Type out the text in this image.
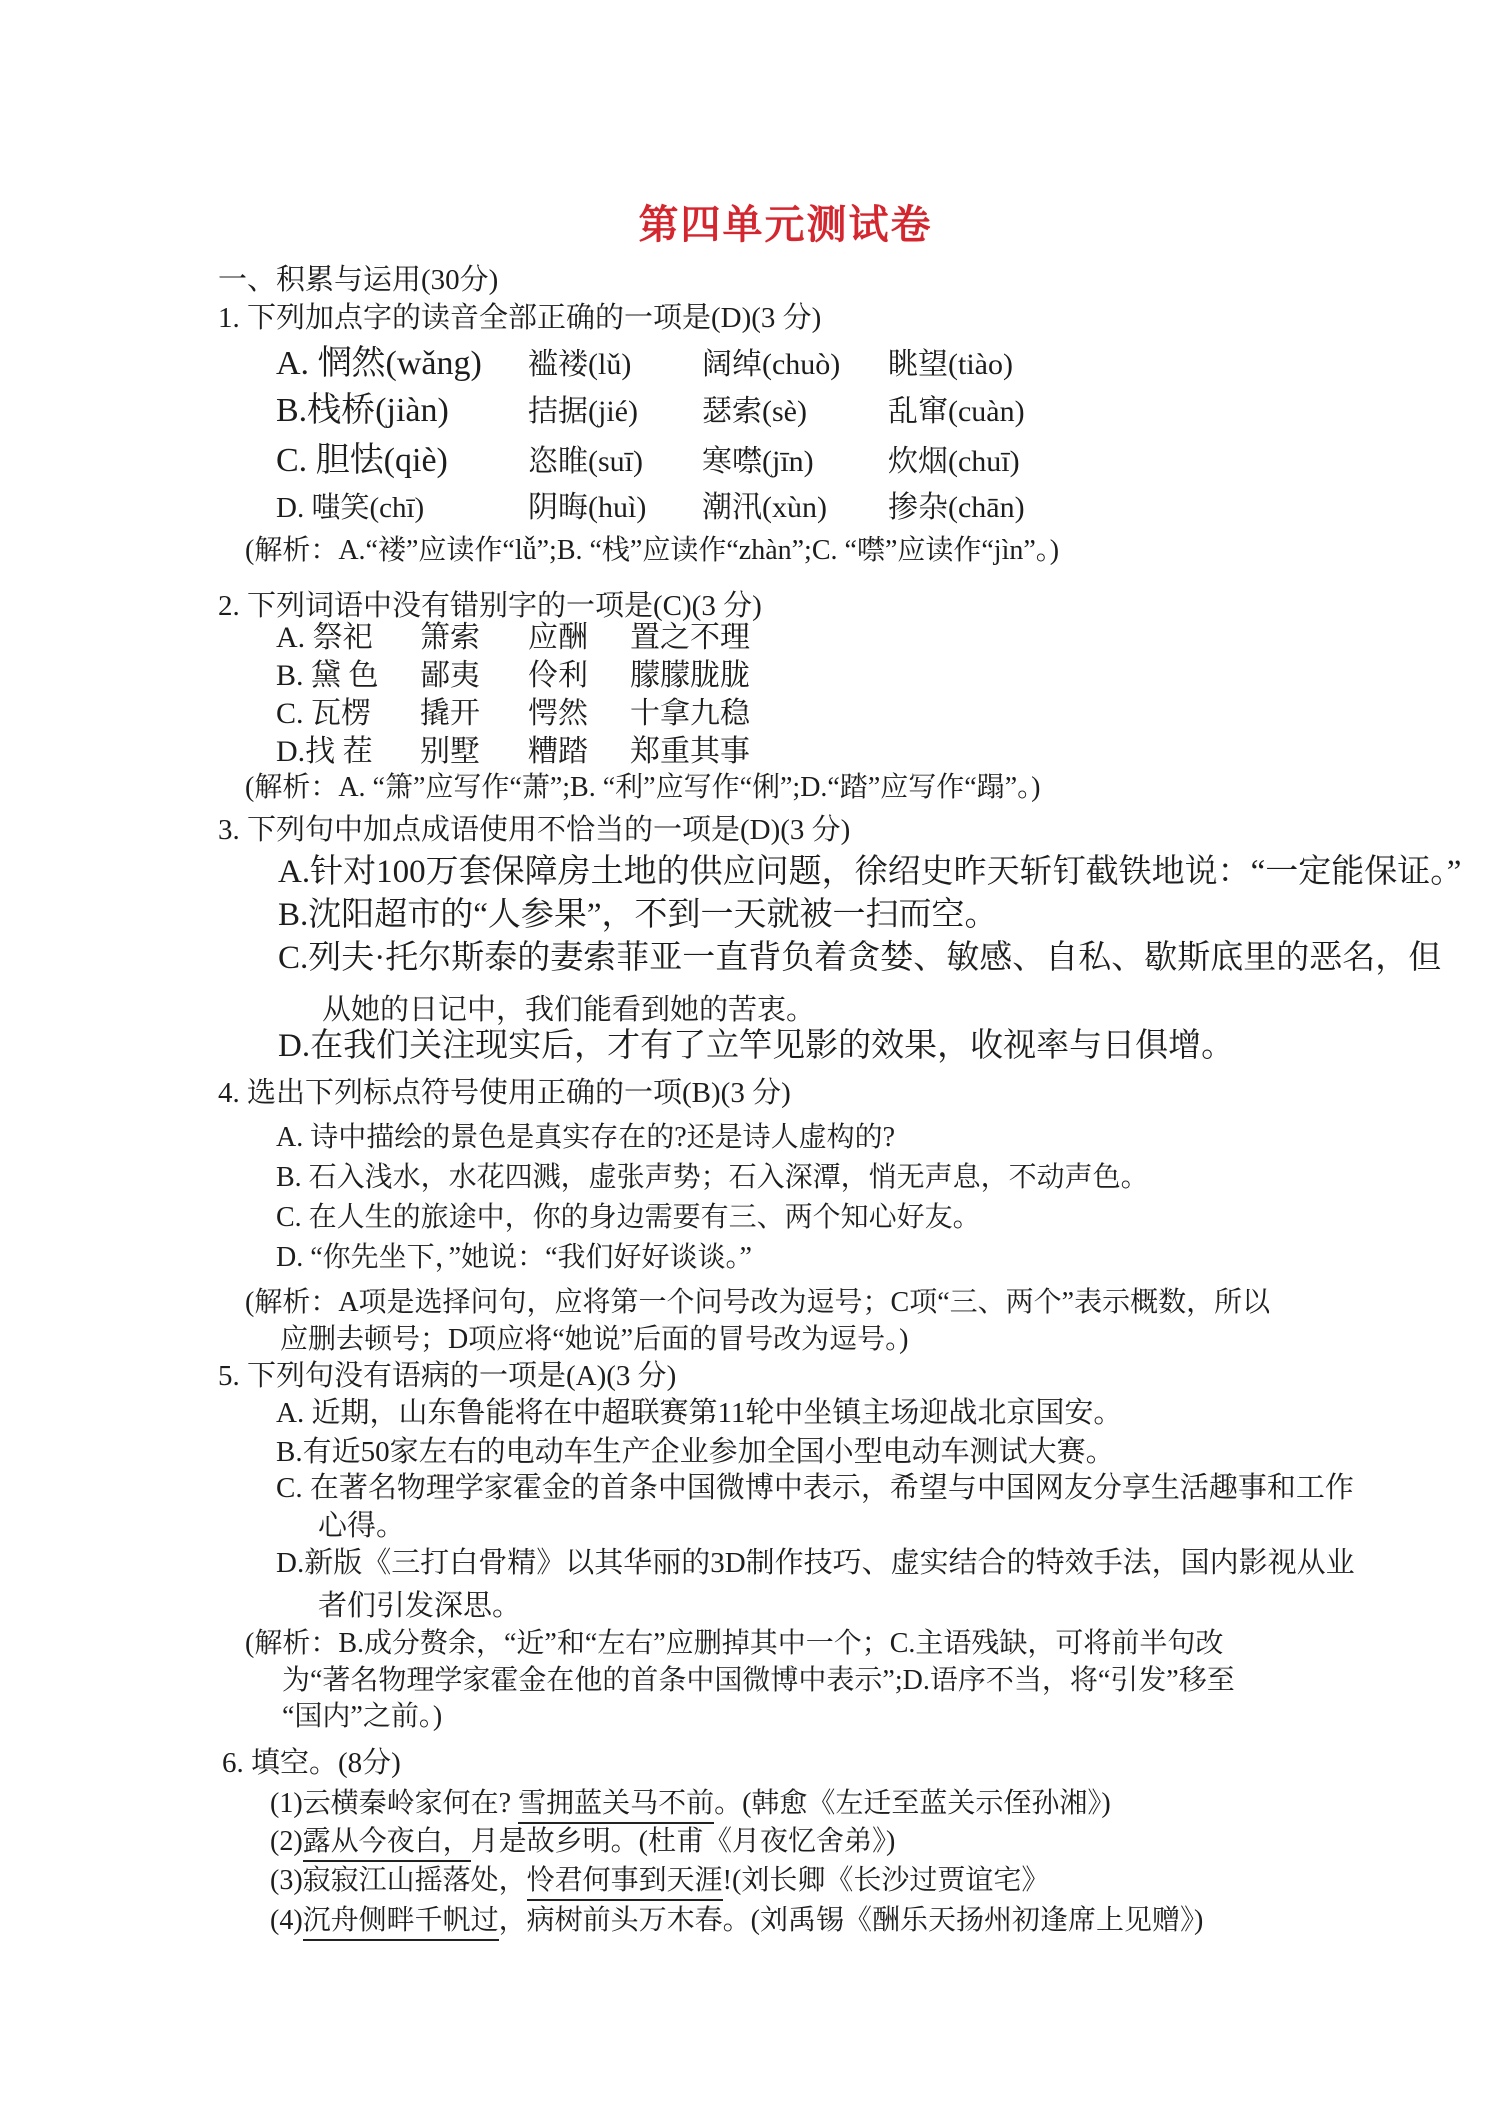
第四单元测试卷
一、积累与运用(30分)
1. 下列加点字的读音全部正确的一项是(D)(3 分)
A. 惘然(wǎng)	褴褛(lǔ)	阔绰(chuò)	眺望(tiào)
B.栈桥(jiàn)	拮据(jié)	瑟索(sè)	乱窜(cuàn)
C. 胆怯(qiè)	恣睢(suī)	寒噤(jīn)	炊烟(chuī)
D. 嗤笑(chī)	阴晦(huì)	潮汛(xùn)	掺杂(chān)
(解析：A.“褛”应读作“lǚ”;B. “栈”应读作“zhàn”;C. “噤”应读作“jìn”。)
2. 下列词语中没有错别字的一项是(C)(3 分)
A. 祭祀	箫索	应酬	置之不理
B. 黛 色	鄙夷	伶利	朦朦胧胧
C. 瓦楞	撬开	愕然	十拿九稳
D.找 茬	别墅	糟踏	郑重其事
(解析：A. “箫”应写作“萧”;B. “利”应写作“俐”;D.“踏”应写作“蹋”。)
3. 下列句中加点成语使用不恰当的一项是(D)(3 分)
A.针对100万套保障房土地的供应问题，徐绍史昨天斩钉截铁地说：“一定能保证。”
B.沈阳超市的“人参果”，不到一天就被一扫而空。
C.列夫·托尔斯泰的妻索菲亚一直背负着贪婪、敏感、自私、歇斯底里的恶名，但
从她的日记中，我们能看到她的苦衷。
D.在我们关注现实后，才有了立竿见影的效果，收视率与日俱增。
4. 选出下列标点符号使用正确的一项(B)(3 分)
A. 诗中描绘的景色是真实存在的?还是诗人虚构的?
B. 石入浅水，水花四溅，虚张声势；石入深潭，悄无声息，不动声色。
C. 在人生的旅途中，你的身边需要有三、两个知心好友。
D. “你先坐下，”她说：“我们好好谈谈。”
(解析：A项是选择问句，应将第一个问号改为逗号；C项“三、两个”表示概数，所以
应删去顿号；D项应将“她说”后面的冒号改为逗号。)
5. 下列句没有语病的一项是(A)(3 分)
A. 近期，山东鲁能将在中超联赛第11轮中坐镇主场迎战北京国安。
B.有近50家左右的电动车生产企业参加全国小型电动车测试大赛。
C. 在著名物理学家霍金的首条中国微博中表示，希望与中国网友分享生活趣事和工作
心得。
D.新版《三打白骨精》以其华丽的3D制作技巧、虚实结合的特效手法，国内影视从业
者们引发深思。
(解析：B.成分赘余，“近”和“左右”应删掉其中一个；C.主语残缺，可将前半句改
为“著名物理学家霍金在他的首条中国微博中表示”;D.语序不当，将“引发”移至
“国内”之前。)
6. 填空。(8分)
(1)云横秦岭家何在? 雪拥蓝关马不前。(韩愈《左迁至蓝关示侄孙湘》)
(2)露从今夜白，月是故乡明。(杜甫《月夜忆舍弟》)
(3)寂寂江山摇落处，怜君何事到天涯!(刘长卿《长沙过贾谊宅》
(4)沉舟侧畔千帆过，病树前头万木春。(刘禹锡《酬乐天扬州初逢席上见赠》)
